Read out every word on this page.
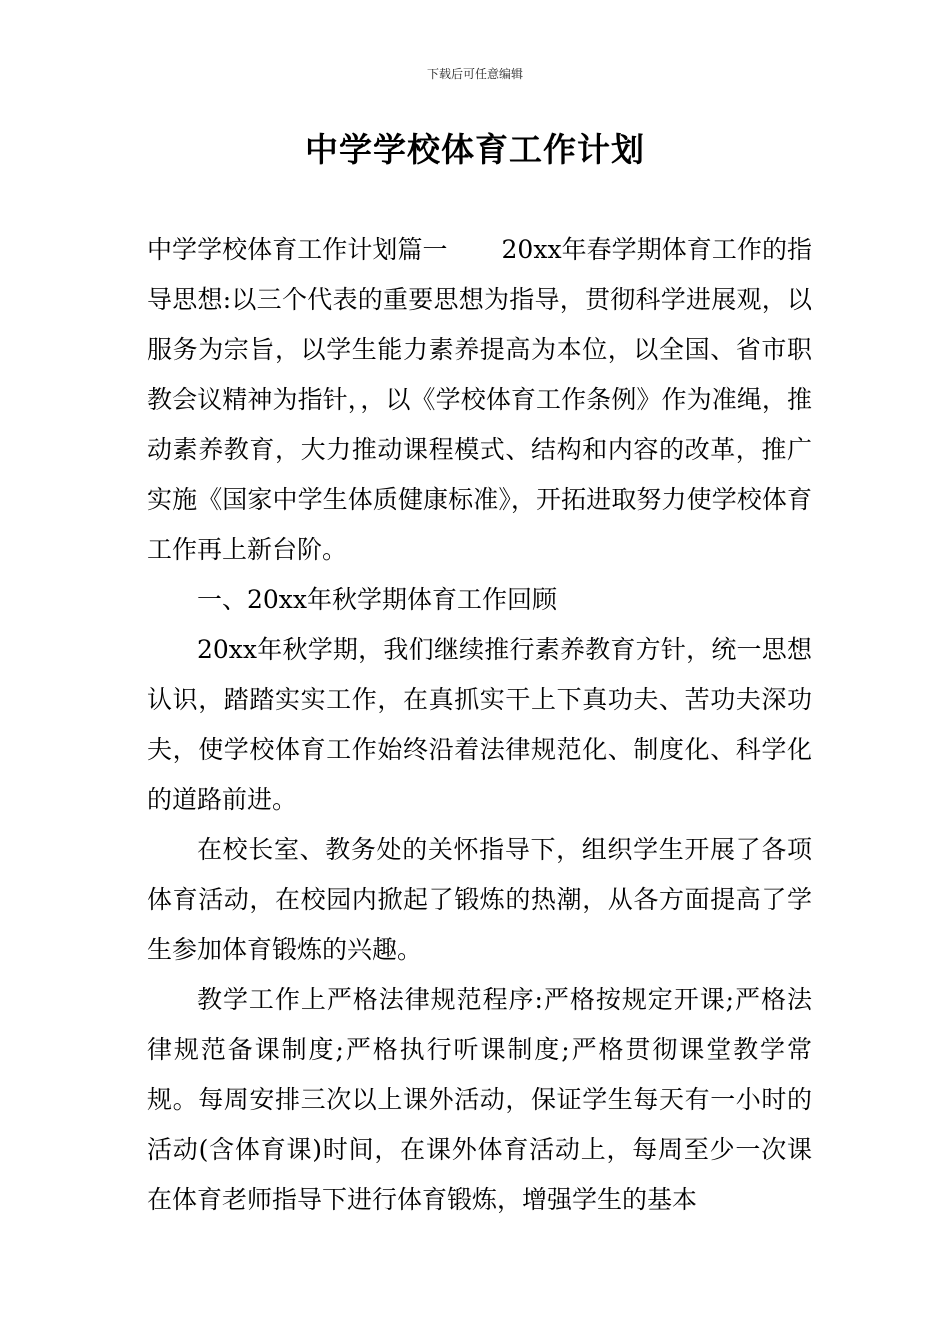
下载后可任意编辑
中学学校体育工作计划

中学学校体育工作计划篇一 20xx年春学期体育工作的指导思想:以三个代表的重要思想为指导，贯彻科学进展观，以服务为宗旨，以学生能力素养提高为本位，以全国、省市职教会议精神为指针，，以《学校体育工作条例》作为准绳，推动素养教育，大力推动课程模式、结构和内容的改革，推广实施《国家中学生体质健康标准》，开拓进取努力使学校体育工作再上新台阶。

一、20xx年秋学期体育工作回顾

20xx年秋学期，我们继续推行素养教育方针，统一思想认识，踏踏实实工作，在真抓实干上下真功夫、苦功夫深功夫，使学校体育工作始终沿着法律规范化、制度化、科学化的道路前进。

在校长室、教务处的关怀指导下，组织学生开展了各项体育活动，在校园内掀起了锻炼的热潮，从各方面提高了学生参加体育锻炼的兴趣。

教学工作上严格法律规范程序:严格按规定开课;严格法律规范备课制度;严格执行听课制度;严格贯彻课堂教学常规。每周安排三次以上课外活动，保证学生每天有一小时的活动(含体育课)时间，在课外体育活动上，每周至少一次课在体育老师指导下进行体育锻炼，增强学生的基本
